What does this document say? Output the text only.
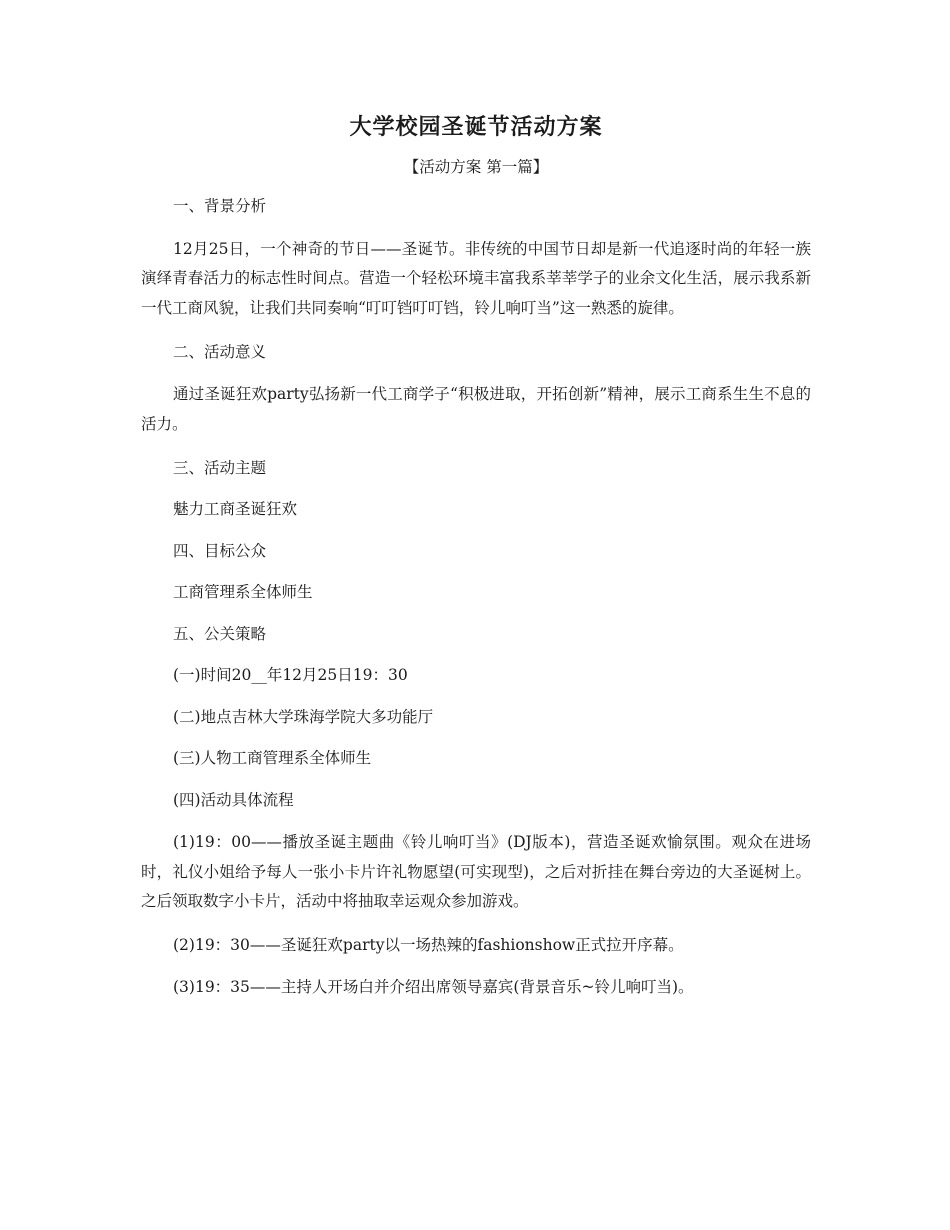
大学校园圣诞节活动方案
【活动方案 第一篇】
一、背景分析
12月25日，一个神奇的节日——圣诞节。非传统的中国节日却是新一代追逐时尚的年轻一族演绎青春活力的标志性时间点。营造一个轻松环境丰富我系莘莘学子的业余文化生活，展示我系新一代工商风貌，让我们共同奏响“叮叮铛叮叮铛，铃儿响叮当”这一熟悉的旋律。
二、活动意义
通过圣诞狂欢party弘扬新一代工商学子“积极进取，开拓创新”精神，展示工商系生生不息的活力。
三、活动主题
魅力工商圣诞狂欢
四、目标公众
工商管理系全体师生
五、公关策略
(一)时间20__年12月25日19：30
(二)地点吉林大学珠海学院大多功能厅
(三)人物工商管理系全体师生
(四)活动具体流程
(1)19：00——播放圣诞主题曲《铃儿响叮当》(DJ版本)，营造圣诞欢愉氛围。观众在进场时，礼仪小姐给予每人一张小卡片许礼物愿望(可实现型)，之后对折挂在舞台旁边的大圣诞树上。之后领取数字小卡片，活动中将抽取幸运观众参加游戏。
(2)19：30——圣诞狂欢party以一场热辣的fashionshow正式拉开序幕。
(3)19：35——主持人开场白并介绍出席领导嘉宾(背景音乐~铃儿响叮当)。
